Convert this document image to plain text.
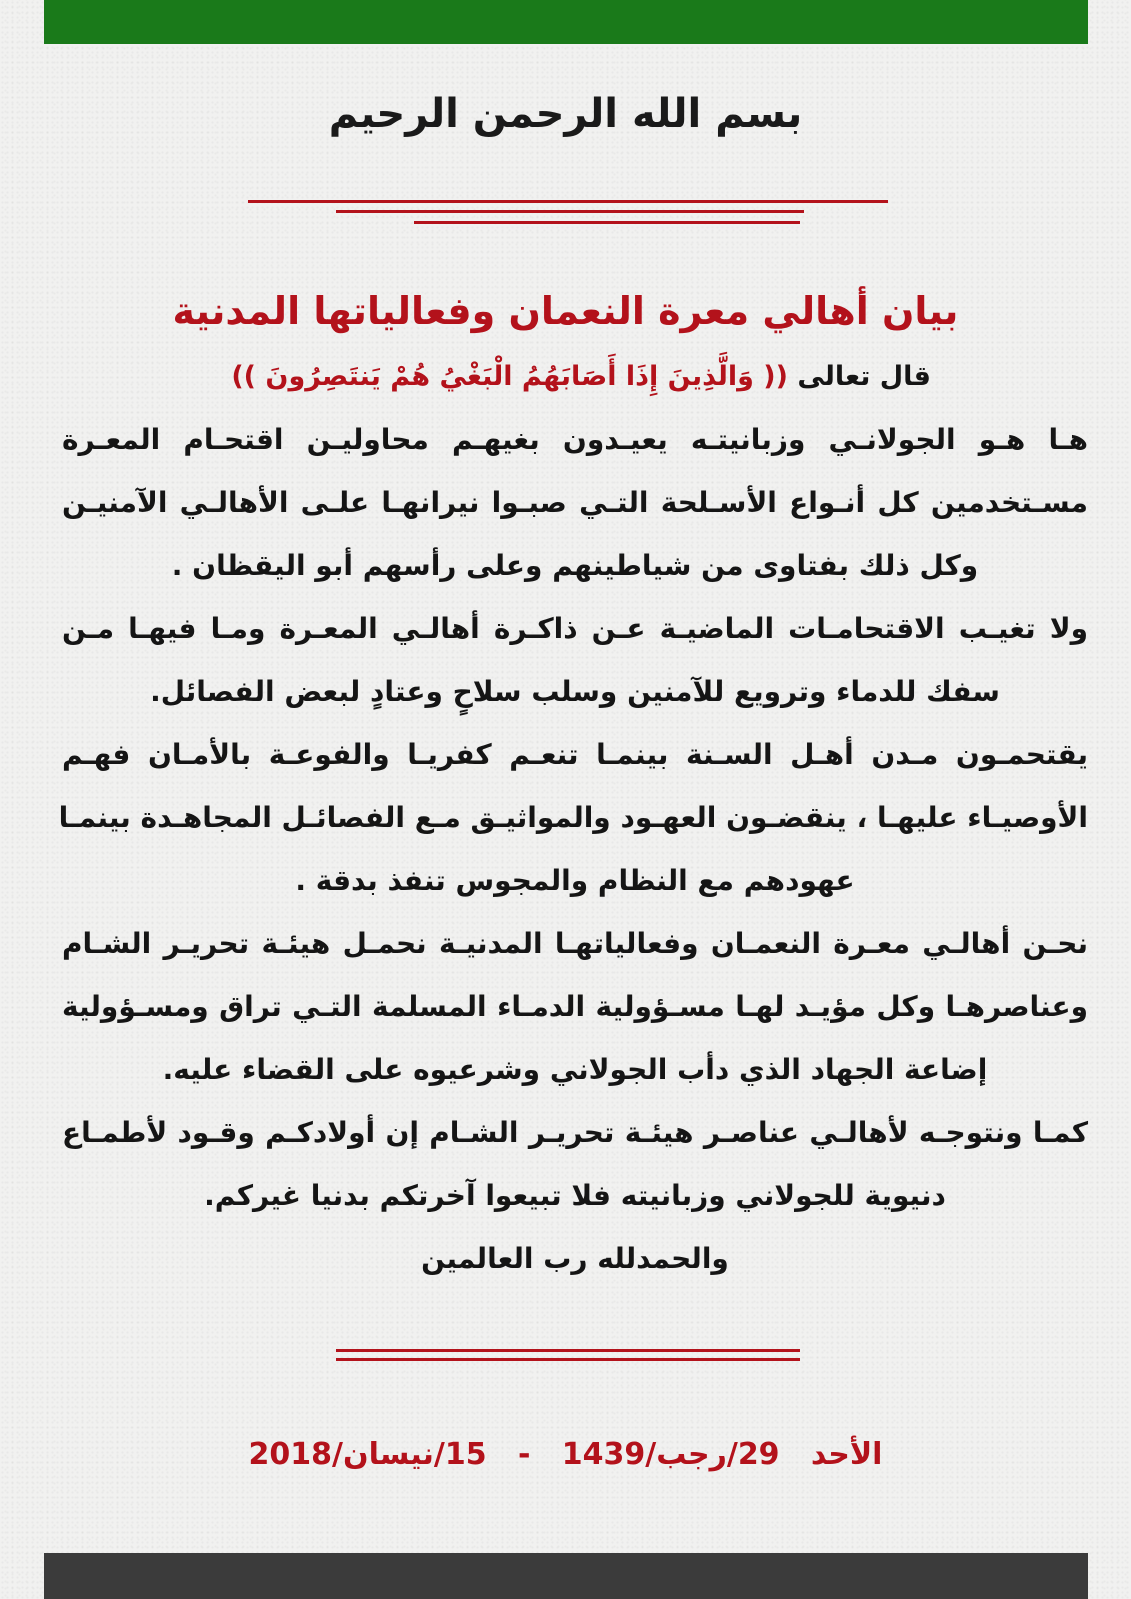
بسم الله الرحمن الرحيم
بيان أهالي معرة النعمان وفعالياتها المدنية
قال تعالى (( وَالَّذِينَ إِذَا أَصَابَهُمُ الْبَغْيُ هُمْ يَنتَصِرُونَ ))
هـا هـو الجولانـي وزبانيتـه يعيـدون بغيهـم محاوليـن اقتحـام المعـرة
مسـتخدمين كل أنـواع الأسـلحة التـي صبـوا نيرانهـا علـى الأهالـي الآمنيـن
وكل ذلك بفتاوى من شياطينهم وعلى رأسهم أبو اليقظان .
ولا تغيـب الاقتحامـات الماضيـة عـن ذاكـرة أهالـي المعـرة ومـا فيهـا مـن
سفك للدماء وترويع للآمنين وسلب سلاحٍ وعتادٍ لبعض الفصائل.
يقتحمـون مـدن أهـل السـنة بينمـا تنعـم كفريـا والفوعـة بالأمـان فهـم
الأوصيـاء عليهـا ، ينقضـون العهـود والمواثيـق مـع الفصائـل المجاهـدة بينمـا
عهودهم مع النظام والمجوس تنفذ بدقة .
نحـن أهالـي معـرة النعمـان وفعالياتهـا المدنيـة نحمـل هيئـة تحريـر الشـام
وعناصرهـا وكل مؤيـد لهـا مسـؤولية الدمـاء المسلمة التـي تراق ومسـؤولية
إضاعة الجهاد الذي دأب الجولاني وشرعيوه على القضاء عليه.
كمـا ونتوجـه لأهالـي عناصـر هيئـة تحريـر الشـام إن أولادكـم وقـود لأطمـاع
دنيوية للجولاني وزبانيته فلا تبيعوا آخرتكم بدنيا غيركم.
والحمدلله رب العالمين
الأحد   29/رجب/1439   -   15/نيسان/2018
